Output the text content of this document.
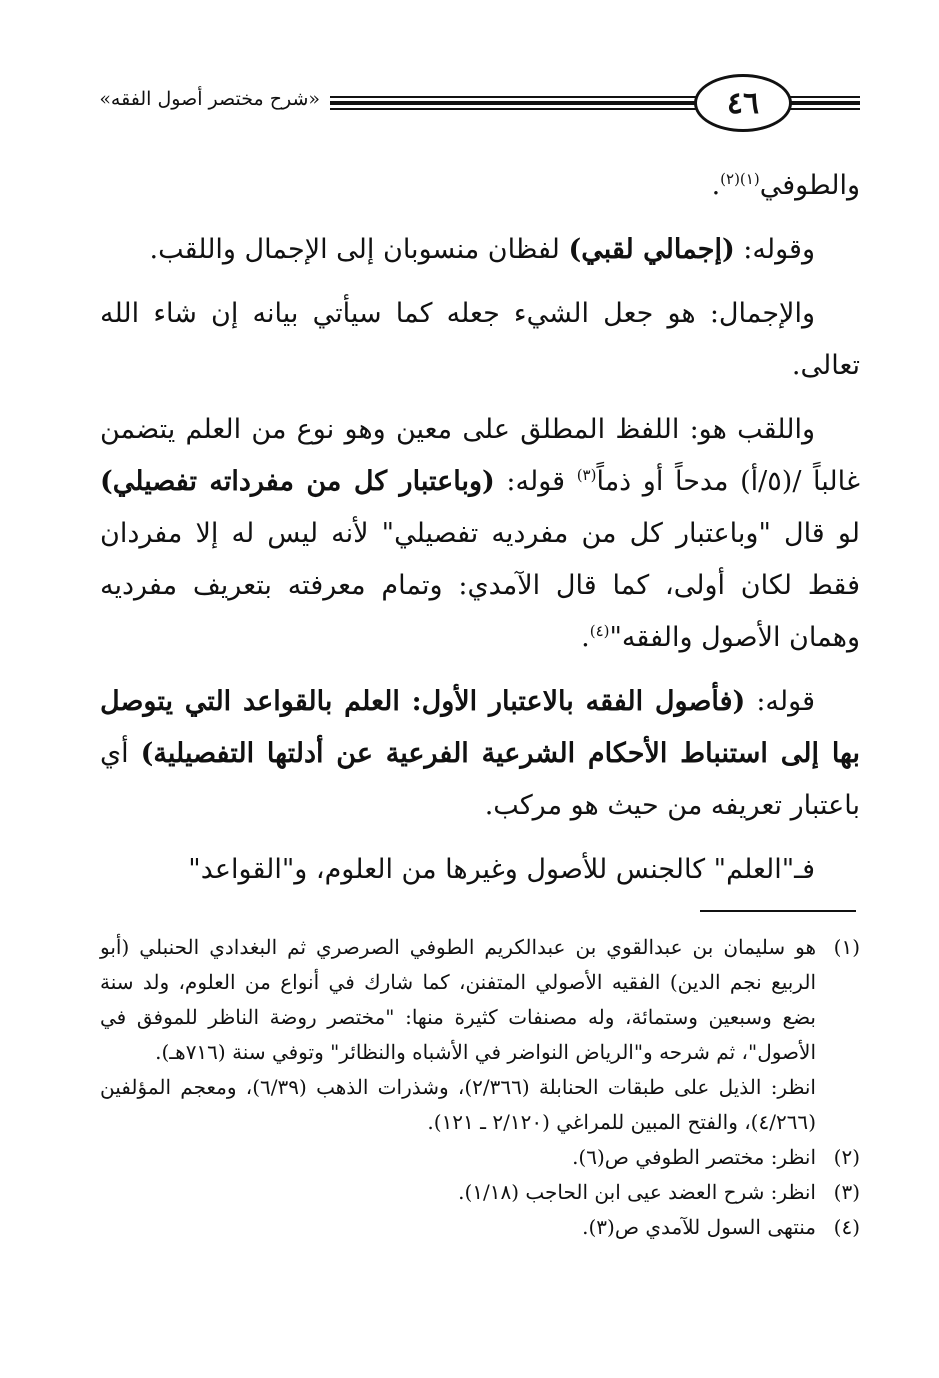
٤٦
«شرح مختصر أصول الفقه»

والطوفي$^{(١)(٢)}$.

وقوله: (إجمالي لقبي) لفظان منسوبان إلى الإجمال واللقب.

والإجمال: هو جعل الشيء جعله كما سيأتي بيانه إن شاء الله تعالى.

واللقب هو: اللفظ المطلق على معين وهو نوع من العلم يتضمن غالباً /(٥/أ) مدحاً أو ذماً$^{(٣)}$ قوله: (وباعتبار كل من مفرداته تفصيلي) لو قال "وباعتبار كل من مفرديه تفصيلي" لأنه ليس له إلا مفردان فقط لكان أولى، كما قال الآمدي: وتمام معرفته بتعريف مفرديه وهمان الأصول والفقه"$^{(٤)}$.

قوله: (فأصول الفقه بالاعتبار الأول: العلم بالقواعد التي يتوصل بها إلى استنباط الأحكام الشرعية الفرعية عن أدلتها التفصيلية) أي باعتبار تعريفه من حيث هو مركب.

فـ"العلم" كالجنس للأصول وغيرها من العلوم، و"القواعد"

(١)
هو سليمان بن عبدالقوي بن عبدالكريم الطوفي الصرصري ثم البغدادي الحنبلي (أبو الربيع نجم الدين) الفقيه الأصولي المتفنن، كما شارك في أنواع من العلوم، ولد سنة بضع وسبعين وستمائة، وله مصنفات كثيرة منها: "مختصر روضة الناظر للموفق في الأصول"، ثم شرحه و"الرياض النواضر في الأشباه والنظائر" وتوفي سنة (٧١٦هـ).

انظر: الذيل على طبقات الحنابلة (٢/٣٦٦)، وشذرات الذهب (٦/٣٩)، ومعجم المؤلفين (٤/٢٦٦)، والفتح المبين للمراغي (٢/١٢٠ ـ ١٢١).

(٢)
انظر: مختصر الطوفي ص(٦).
(٣)
انظر: شرح العضد عيى ابن الحاجب (١/١٨).
(٤)
منتهى السول للآمدي ص(٣).
